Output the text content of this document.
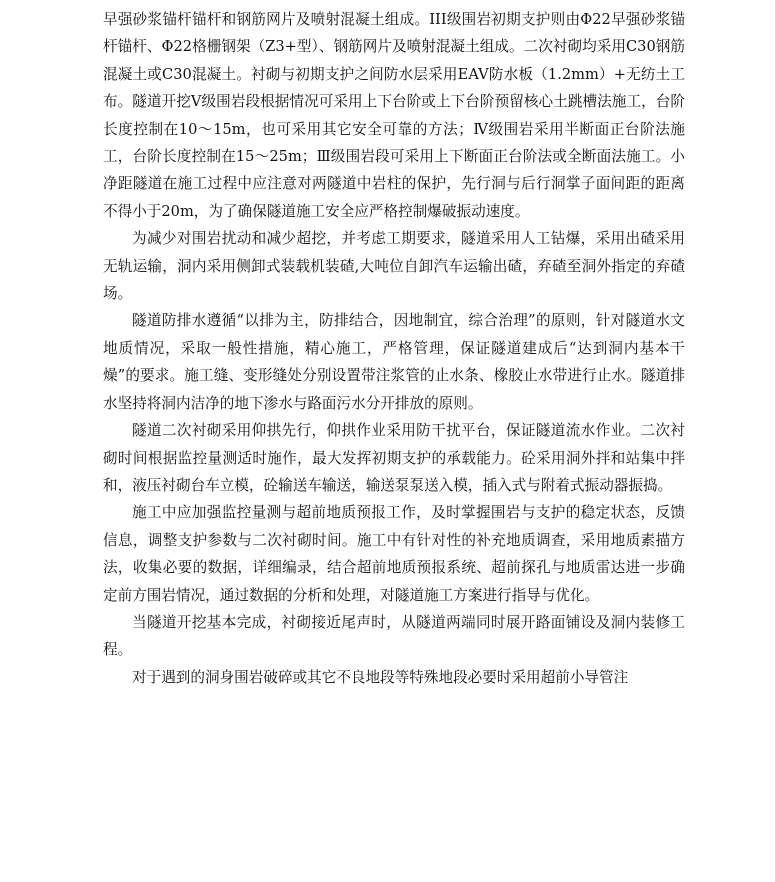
早强砂浆锚杆锚杆和钢筋网片及喷射混凝土组成。III级围岩初期支护则由Φ22早强砂浆锚杆锚杆、Φ22格栅钢架（Z3+型）、钢筋网片及喷射混凝土组成。二次衬砌均采用C30钢筋混凝土或C30混凝土。衬砌与初期支护之间防水层采用EAV防水板（1.2mm）+无纺土工布。隧道开挖Ⅴ级围岩段根据情况可采用上下台阶或上下台阶预留核心土跳槽法施工，台阶长度控制在10～15m，也可采用其它安全可靠的方法；Ⅳ级围岩采用半断面正台阶法施工，台阶长度控制在15～25m；Ⅲ级围岩段可采用上下断面正台阶法或全断面法施工。小净距隧道在施工过程中应注意对两隧道中岩柱的保护，先行洞与后行洞掌子面间距的距离不得小于20m，为了确保隧道施工安全应严格控制爆破振动速度。

为减少对围岩扰动和减少超挖，并考虑工期要求，隧道采用人工钻爆，采用出碴采用无轨运输，洞内采用侧卸式装载机装碴,大吨位自卸汽车运输出碴，弃碴至洞外指定的弃碴场。

隧道防排水遵循“以排为主，防排结合，因地制宜，综合治理”的原则，针对隧道水文地质情况，采取一般性措施，精心施工，严格管理，保证隧道建成后“达到洞内基本干燥”的要求。施工缝、变形缝处分别设置带注浆管的止水条、橡胶止水带进行止水。隧道排水坚持将洞内洁净的地下渗水与路面污水分开排放的原则。

隧道二次衬砌采用仰拱先行，仰拱作业采用防干扰平台，保证隧道流水作业。二次衬砌时间根据监控量测适时施作，最大发挥初期支护的承载能力。砼采用洞外拌和站集中拌和，液压衬砌台车立模，砼输送车输送，输送泵泵送入模，插入式与附着式振动器振捣。

施工中应加强监控量测与超前地质预报工作，及时掌握围岩与支护的稳定状态，反馈信息，调整支护参数与二次衬砌时间。施工中有针对性的补充地质调查，采用地质素描方法，收集必要的数据，详细编录，结合超前地质预报系统、超前探孔与地质雷达进一步确定前方围岩情况，通过数据的分析和处理，对隧道施工方案进行指导与优化。

当隧道开挖基本完成，衬砌接近尾声时，从隧道两端同时展开路面铺设及洞内装修工程。

对于遇到的洞身围岩破碎或其它不良地段等特殊地段必要时采用超前小导管注
